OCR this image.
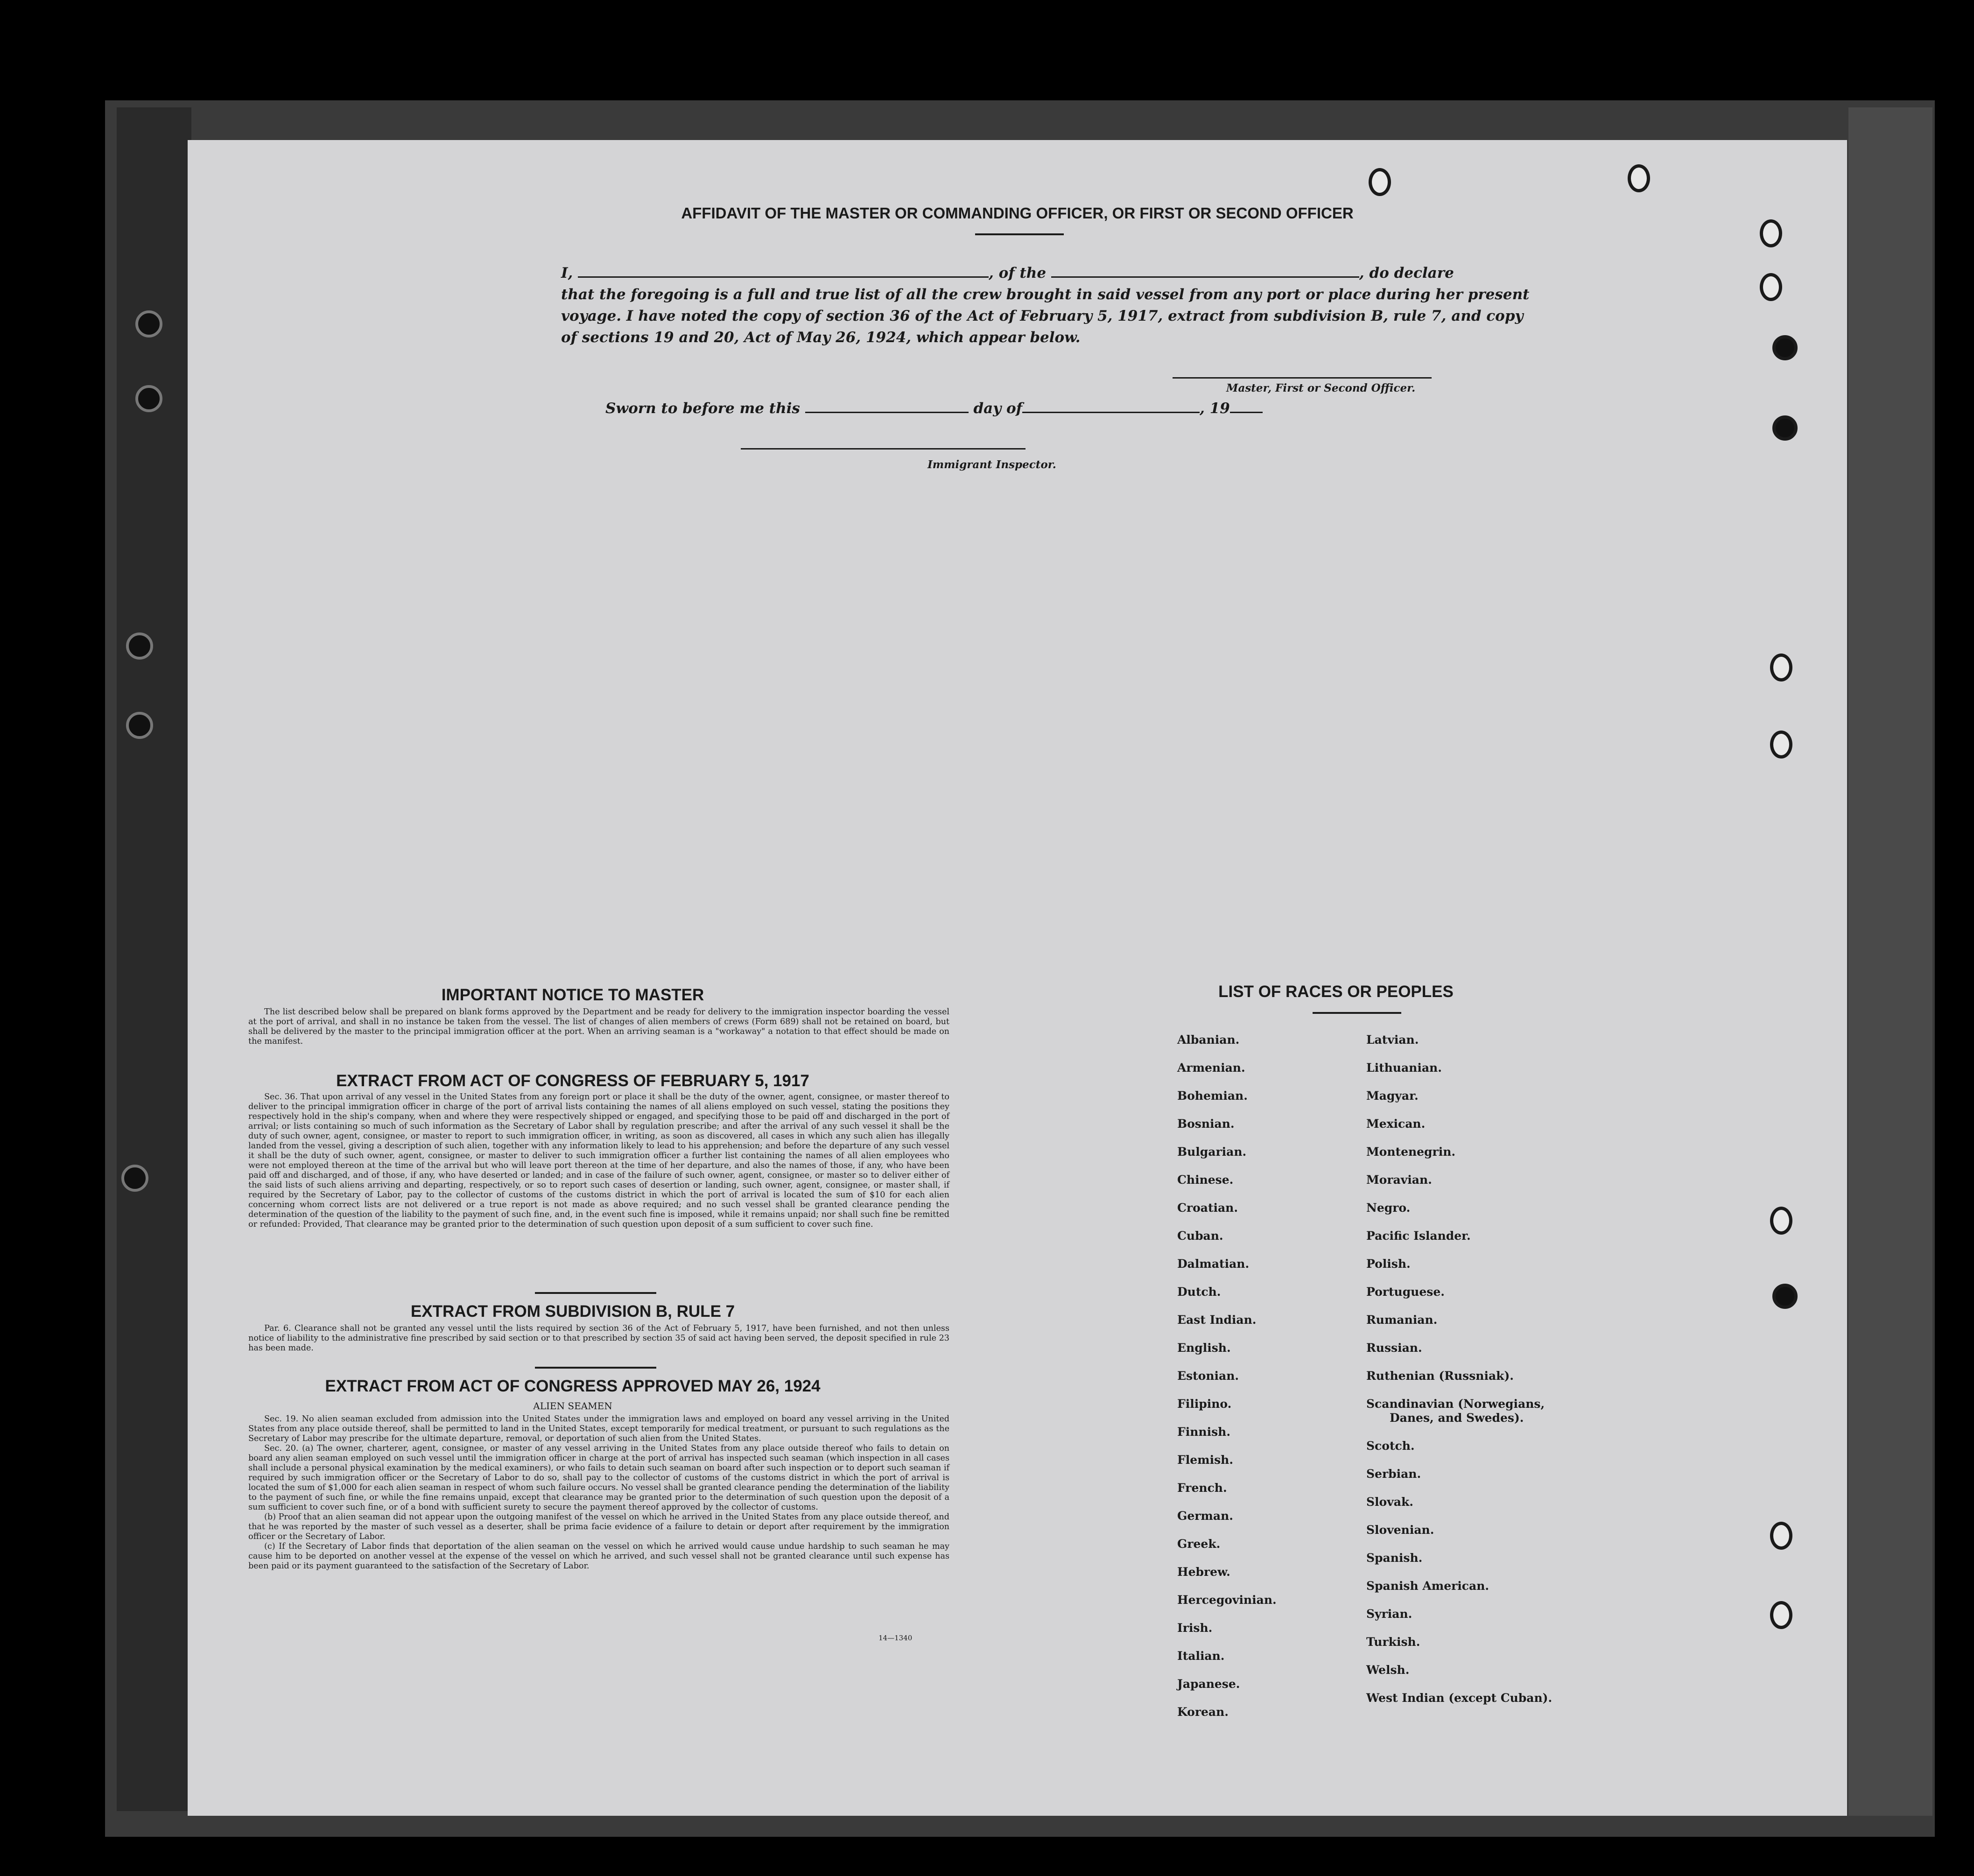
AFFIDAVIT OF THE MASTER OR COMMANDING OFFICER, OR FIRST OR SECOND OFFICER
I,	, of the	, do declare
that the foregoing is a full and true list of all the crew brought in said vessel from any port or place during her present
voyage. I have noted the copy of section 36 of the Act of February 5, 1917, extract from subdivision B, rule 7, and copy
of sections 19 and 20, Act of May 26, 1924, which appear below.
Master, First or Second Officer.
Sworn to before me this	day of	, 19
Immigrant Inspector.
IMPORTANT NOTICE TO MASTER

The list described below shall be prepared on blank forms approved by the Department and be ready for delivery to the immigration inspector boarding the vessel at the port of arrival, and shall in no instance be taken from the vessel. The list of changes of alien members of crews (Form 689) shall not be retained on board, but shall be delivered by the master to the principal immigration officer at the port. When an arriving seaman is a "workaway" a notation to that effect should be made on the manifest.

EXTRACT FROM ACT OF CONGRESS OF FEBRUARY 5, 1917

Sec. 36. That upon arrival of any vessel in the United States from any foreign port or place it shall be the duty of the owner, agent, consignee, or master thereof to deliver to the principal immigration officer in charge of the port of arrival lists containing the names of all aliens employed on such vessel, stating the positions they respectively hold in the ship's company, when and where they were respectively shipped or engaged, and specifying those to be paid off and discharged in the port of arrival; or lists containing so much of such information as the Secretary of Labor shall by regulation prescribe; and after the arrival of any such vessel it shall be the duty of such owner, agent, consignee, or master to report to such immigration officer, in writing, as soon as discovered, all cases in which any such alien has illegally landed from the vessel, giving a description of such alien, together with any information likely to lead to his apprehension; and before the departure of any such vessel it shall be the duty of such owner, agent, consignee, or master to deliver to such immigration officer a further list containing the names of all alien employees who were not employed thereon at the time of the arrival but who will leave port thereon at the time of her departure, and also the names of those, if any, who have been paid off and discharged, and of those, if any, who have deserted or landed; and in case of the failure of such owner, agent, consignee, or master so to deliver either of the said lists of such aliens arriving and departing, respectively, or so to report such cases of desertion or landing, such owner, agent, consignee, or master shall, if required by the Secretary of Labor, pay to the collector of customs of the customs district in which the port of arrival is located the sum of $10 for each alien concerning whom correct lists are not delivered or a true report is not made as above required; and no such vessel shall be granted clearance pending the determination of the question of the liability to the payment of such fine, and, in the event such fine is imposed, while it remains unpaid; nor shall such fine be remitted or refunded: Provided, That clearance may be granted prior to the determination of such question upon deposit of a sum sufficient to cover such fine.

EXTRACT FROM SUBDIVISION B, RULE 7

Par. 6. Clearance shall not be granted any vessel until the lists required by section 36 of the Act of February 5, 1917, have been furnished, and not then unless notice of liability to the administrative fine prescribed by said section or to that prescribed by section 35 of said act having been served, the deposit specified in rule 23 has been made.

EXTRACT FROM ACT OF CONGRESS APPROVED MAY 26, 1924
ALIEN SEAMEN

Sec. 19. No alien seaman excluded from admission into the United States under the immigration laws and employed on board any vessel arriving in the United States from any place outside thereof, shall be permitted to land in the United States, except temporarily for medical treatment, or pursuant to such regulations as the Secretary of Labor may prescribe for the ultimate departure, removal, or deportation of such alien from the United States.

Sec. 20. (a) The owner, charterer, agent, consignee, or master of any vessel arriving in the United States from any place outside thereof who fails to detain on board any alien seaman employed on such vessel until the immigration officer in charge at the port of arrival has inspected such seaman (which inspection in all cases shall include a personal physical examination by the medical examiners), or who fails to detain such seaman on board after such inspection or to deport such seaman if required by such immigration officer or the Secretary of Labor to do so, shall pay to the collector of customs of the customs district in which the port of arrival is located the sum of $1,000 for each alien seaman in respect of whom such failure occurs. No vessel shall be granted clearance pending the determination of the liability to the payment of such fine, or while the fine remains unpaid, except that clearance may be granted prior to the determination of such question upon the deposit of a sum sufficient to cover such fine, or of a bond with sufficient surety to secure the payment thereof approved by the collector of customs.

(b) Proof that an alien seaman did not appear upon the outgoing manifest of the vessel on which he arrived in the United States from any place outside thereof, and that he was reported by the master of such vessel as a deserter, shall be prima facie evidence of a failure to detain or deport after requirement by the immigration officer or the Secretary of Labor.

(c) If the Secretary of Labor finds that deportation of the alien seaman on the vessel on which he arrived would cause undue hardship to such seaman he may cause him to be deported on another vessel at the expense of the vessel on which he arrived, and such vessel shall not be granted clearance until such expense has been paid or its payment guaranteed to the satisfaction of the Secretary of Labor.

14—1340
LIST OF RACES OR PEOPLES
Albanian.
Armenian.
Bohemian.
Bosnian.
Bulgarian.
Chinese.
Croatian.
Cuban.
Dalmatian.
Dutch.
East Indian.
English.
Estonian.
Filipino.
Finnish.
Flemish.
French.
German.
Greek.
Hebrew.
Hercegovinian.
Irish.
Italian.
Japanese.
Korean.
Latvian.
Lithuanian.
Magyar.
Mexican.
Montenegrin.
Moravian.
Negro.
Pacific Islander.
Polish.
Portuguese.
Rumanian.
Russian.
Ruthenian (Russniak).
Scandinavian (Norwegians,
Danes, and Swedes).
Scotch.
Serbian.
Slovak.
Slovenian.
Spanish.
Spanish American.
Syrian.
Turkish.
Welsh.
West Indian (except Cuban).
